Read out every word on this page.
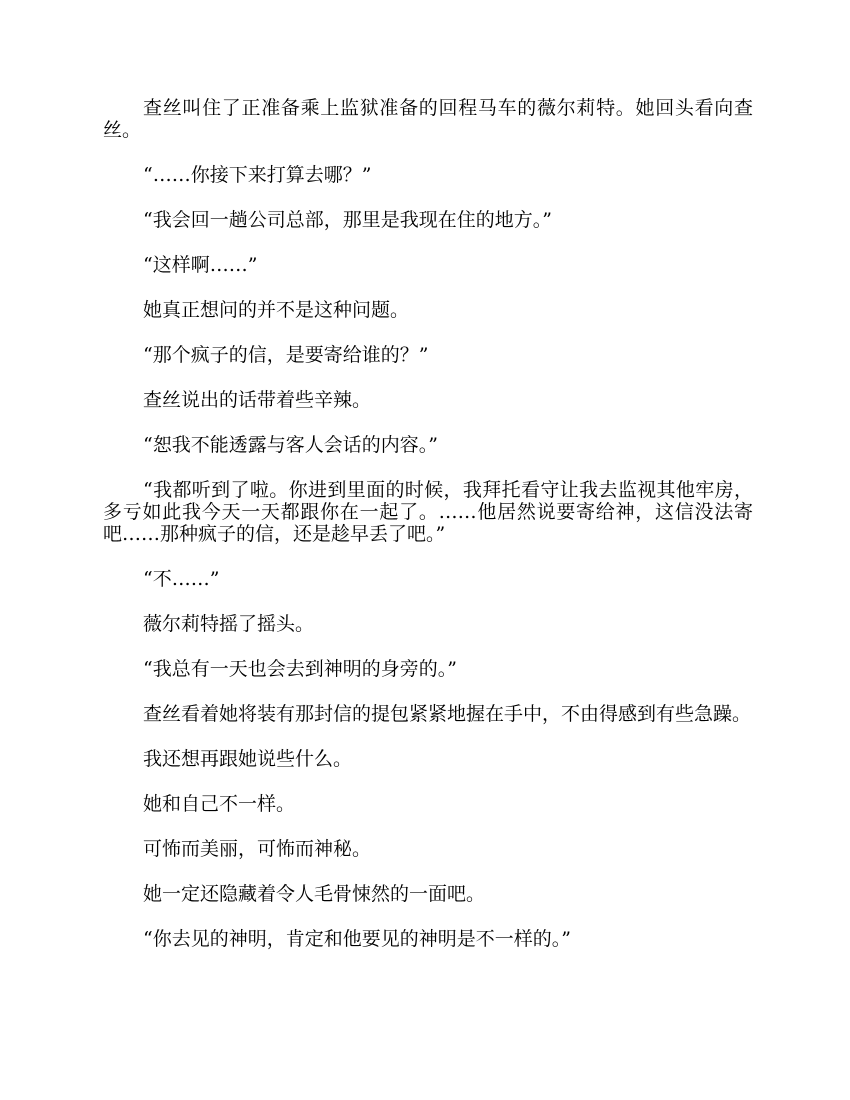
查丝叫住了正准备乘上监狱准备的回程马车的薇尔莉特。她回头看向查丝。

“……你接下来打算去哪？”

“我会回一趟公司总部，那里是我现在住的地方。”

“这样啊……”

她真正想问的并不是这种问题。

“那个疯子的信，是要寄给谁的？”

查丝说出的话带着些辛辣。

“恕我不能透露与客人会话的内容。”

“我都听到了啦。你进到里面的时候，我拜托看守让我去监视其他牢房，多亏如此我今天一天都跟你在一起了。……他居然说要寄给神，这信没法寄吧……那种疯子的信，还是趁早丢了吧。”

“不……”

薇尔莉特摇了摇头。

“我总有一天也会去到神明的身旁的。”

查丝看着她将装有那封信的提包紧紧地握在手中，不由得感到有些急躁。

我还想再跟她说些什么。

她和自己不一样。

可怖而美丽，可怖而神秘。

她一定还隐藏着令人毛骨悚然的一面吧。

“你去见的神明，肯定和他要见的神明是不一样的。”
